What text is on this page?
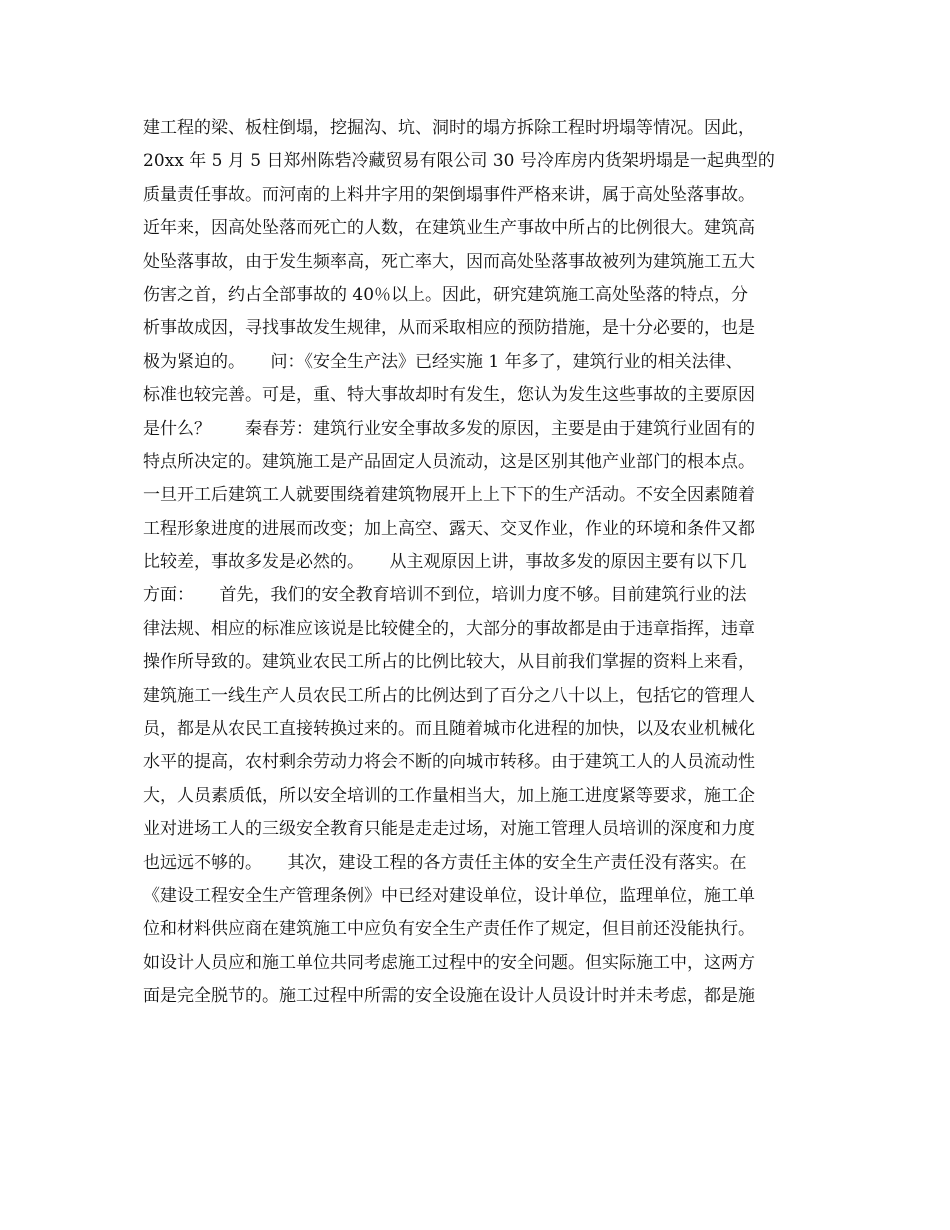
建工程的梁、板柱倒塌，挖掘沟、坑、洞时的塌方拆除工程时坍塌等情况。因此，
20xx 年 5 月 5 日郑州陈砦冷藏贸易有限公司 30 号冷库房内货架坍塌是一起典型的
质量责任事故。而河南的上料井字用的架倒塌事件严格来讲，属于高处坠落事故。
近年来，因高处坠落而死亡的人数，在建筑业生产事故中所占的比例很大。建筑高
处坠落事故，由于发生频率高，死亡率大，因而高处坠落事故被列为建筑施工五大
伤害之首，约占全部事故的 40％以上。因此，研究建筑施工高处坠落的特点，分
析事故成因，寻找事故发生规律，从而采取相应的预防措施，是十分必要的，也是
极为紧迫的。　　问：《安全生产法》已经实施 1 年多了，建筑行业的相关法律、
标准也较完善。可是，重、特大事故却时有发生，您认为发生这些事故的主要原因
是什么？　　秦春芳：建筑行业安全事故多发的原因，主要是由于建筑行业固有的
特点所决定的。建筑施工是产品固定人员流动，这是区别其他产业部门的根本点。
一旦开工后建筑工人就要围绕着建筑物展开上上下下的生产活动。不安全因素随着
工程形象进度的进展而改变；加上高空、露天、交叉作业，作业的环境和条件又都
比较差，事故多发是必然的。　　从主观原因上讲，事故多发的原因主要有以下几
方面：　　首先，我们的安全教育培训不到位，培训力度不够。目前建筑行业的法
律法规、相应的标准应该说是比较健全的，大部分的事故都是由于违章指挥，违章
操作所导致的。建筑业农民工所占的比例比较大，从目前我们掌握的资料上来看，
建筑施工一线生产人员农民工所占的比例达到了百分之八十以上，包括它的管理人
员，都是从农民工直接转换过来的。而且随着城市化进程的加快，以及农业机械化
水平的提高，农村剩余劳动力将会不断的向城市转移。由于建筑工人的人员流动性
大，人员素质低，所以安全培训的工作量相当大，加上施工进度紧等要求，施工企
业对进场工人的三级安全教育只能是走走过场，对施工管理人员培训的深度和力度
也远远不够的。　　其次，建设工程的各方责任主体的安全生产责任没有落实。在
《建设工程安全生产管理条例》中已经对建设单位，设计单位，监理单位，施工单
位和材料供应商在建筑施工中应负有安全生产责任作了规定，但目前还没能执行。
如设计人员应和施工单位共同考虑施工过程中的安全问题。但实际施工中，这两方
面是完全脱节的。施工过程中所需的安全设施在设计人员设计时并未考虑，都是施
